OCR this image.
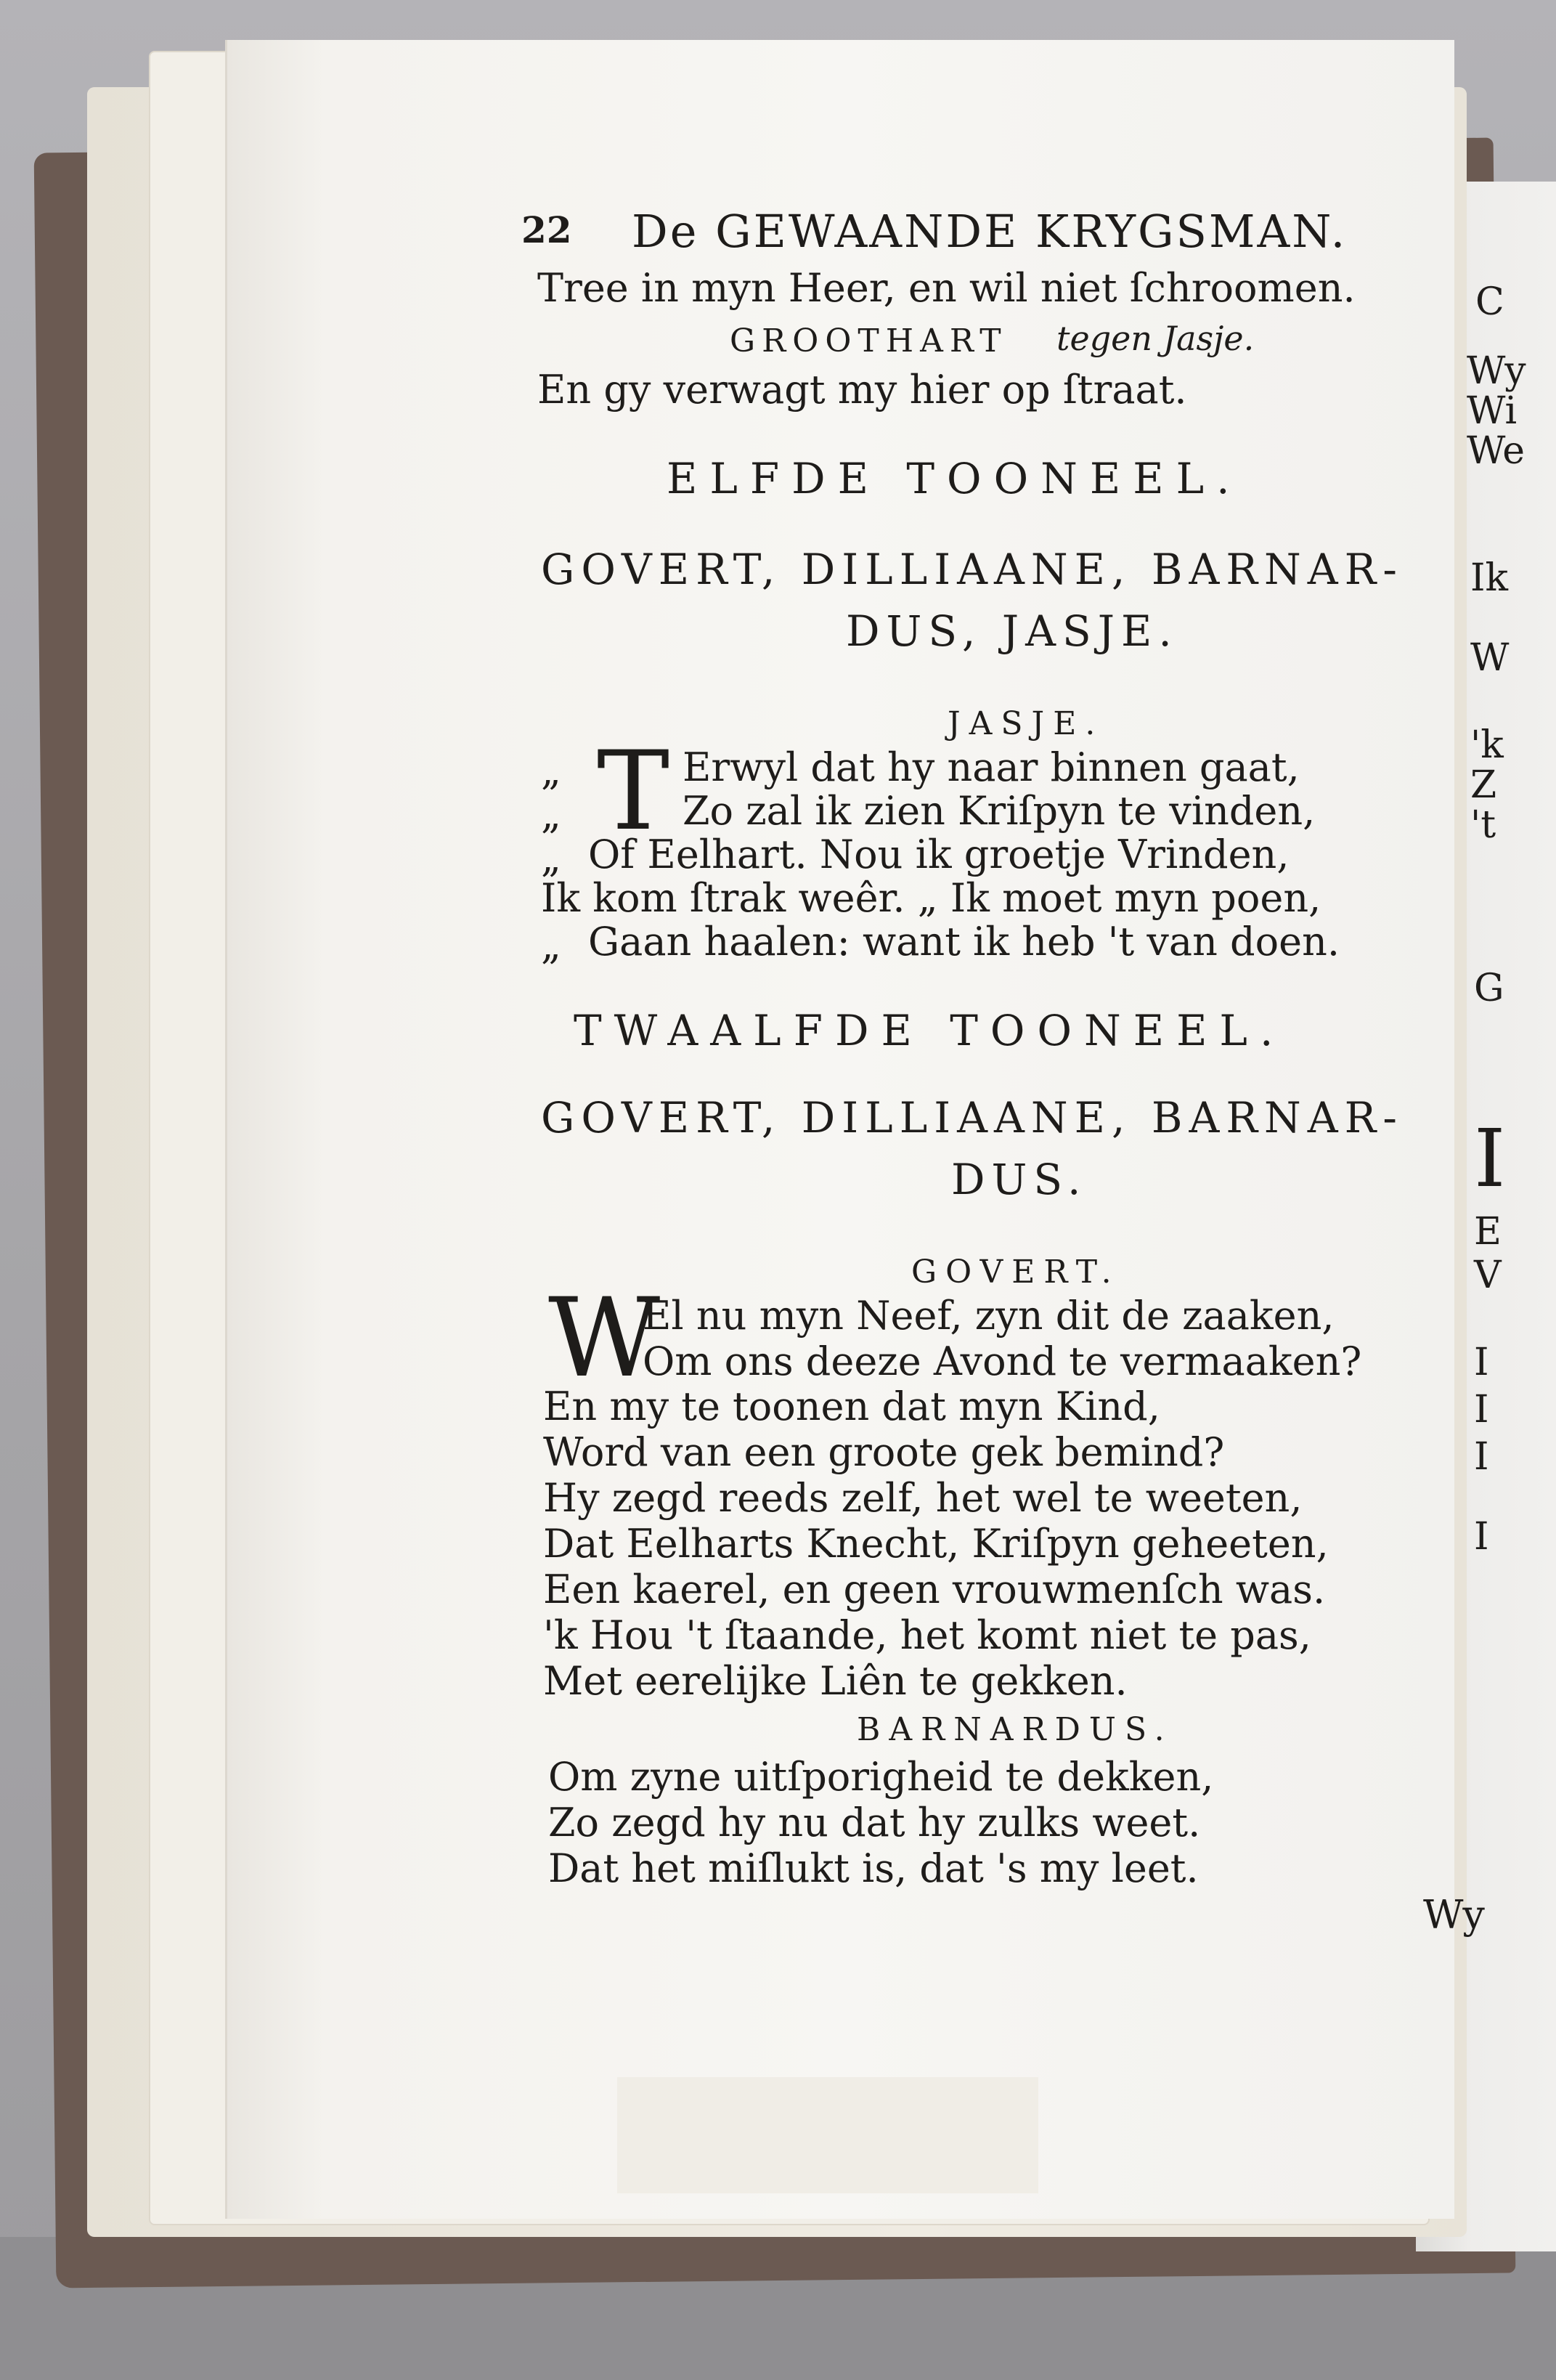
C
Wy
Wi
We
Ik
W
'k
Z
't
G
I
E
V
I
I
I
I
22 De GEWAANDE KRYGSMAN.
Tree in myn Heer, en wil niet ſchroomen.
GROOTHART tegen Jasje.
En gy verwagt my hier op ſtraat.
ELFDE TOONEEL.
GOVERT, DILLIAANE, BARNAR-
DUS, JASJE.
JASJE.
T
„	Erwyl dat hy naar binnen gaat,
„	Zo zal ik zien Kriſpyn te vinden,
„ Of Eelhart. Nou ik groetje Vrinden,
Ik kom ſtrak weêr. „ Ik moet myn poen,
„ Gaan haalen: want ik heb 't van doen.
TWAALFDE TOONEEL.
GOVERT, DILLIAANE, BARNAR-
DUS.
GOVERT.
W
El nu myn Neef, zyn dit de zaaken,
Om ons deeze Avond te vermaaken?
En my te toonen dat myn Kind,
Word van een groote gek bemind?
Hy zegd reeds zelf, het wel te weeten,
Dat Eelharts Knecht, Kriſpyn geheeten,
Een kaerel, en geen vrouwmenſch was.
'k Hou 't ſtaande, het komt niet te pas,
Met eerelijke Liên te gekken.
BARNARDUS.
Om zyne uitſporigheid te dekken,
Zo zegd hy nu dat hy zulks weet.
Dat het miſlukt is, dat 's my leet.
Wy
